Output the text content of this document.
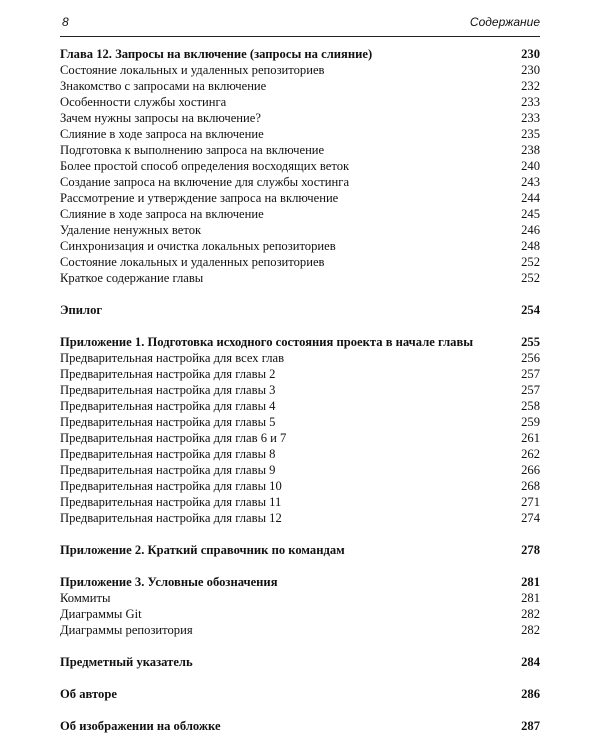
8	Содержание
Глава 12. Запросы на включение (запросы на слияние)	230
Состояние локальных и удаленных репозиториев	230
Знакомство с запросами на включение	232
Особенности службы хостинга	233
Зачем нужны запросы на включение?	233
Слияние в ходе запроса на включение	235
Подготовка к выполнению запроса на включение	238
Более простой способ определения восходящих веток	240
Создание запроса на включение для службы хостинга	243
Рассмотрение и утверждение запроса на включение	244
Слияние в ходе запроса на включение	245
Удаление ненужных веток	246
Синхронизация и очистка локальных репозиториев	248
Состояние локальных и удаленных репозиториев	252
Краткое содержание главы	252
Эпилог	254
Приложение 1. Подготовка исходного состояния проекта в начале главы	255
Предварительная настройка для всех глав	256
Предварительная настройка для главы 2	257
Предварительная настройка для главы 3	257
Предварительная настройка для главы 4	258
Предварительная настройка для главы 5	259
Предварительная настройка для глав 6 и 7	261
Предварительная настройка для главы 8	262
Предварительная настройка для главы 9	266
Предварительная настройка для главы 10	268
Предварительная настройка для главы 11	271
Предварительная настройка для главы 12	274
Приложение 2. Краткий справочник по командам	278
Приложение 3. Условные обозначения	281
Коммиты	281
Диаграммы Git	282
Диаграммы репозитория	282
Предметный указатель	284
Об авторе	286
Об изображении на обложке	287
